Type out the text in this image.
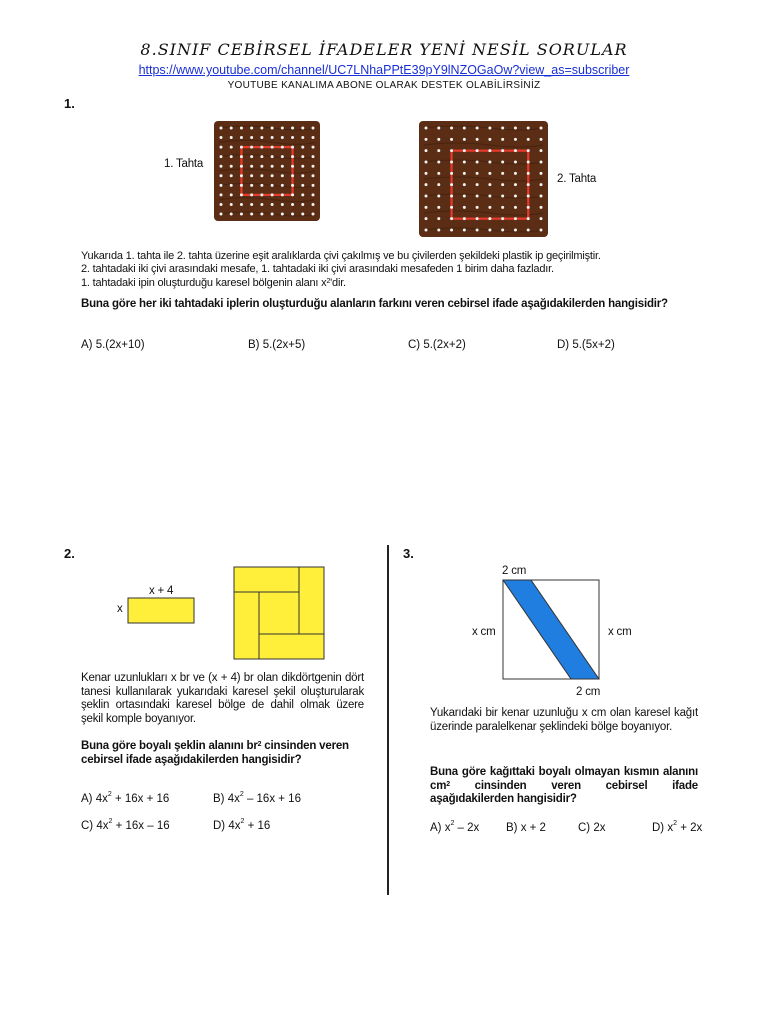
8.SINIF CEBİRSEL İFADELER YENİ NESİL SORULAR
https://www.youtube.com/channel/UC7LNhaPPtE39pY9lNZOGaOw?view_as=subscriber
YOUTUBE KANALIMA ABONE OLARAK DESTEK OLABİLİRSİNİZ
1.
1. Tahta
2. Tahta
Yukarıda 1. tahta ile 2. tahta üzerine eşit aralıklarda çivi çakılmış ve bu çivilerden şekildeki plastik ip geçirilmiştir.
2. tahtadaki iki çivi arasındaki mesafe, 1. tahtadaki iki çivi arasındaki mesafeden 1 birim daha fazladır.
1. tahtadaki ipin oluşturduğu karesel bölgenin alanı $x^2'dir$.
Buna göre her iki tahtadaki iplerin oluşturduğu alanların farkını veren cebirsel ifade aşağıdakilerden hangisidir?
A) 5.(2x+10)	B) 5.(2x+5)	C) 5.(2x+2)	D) 5.(5x+2)
2.
x + 4
x
Kenar uzunlukları x br ve (x + 4) br olan dikdörtgenin dört tanesi kullanılarak yukarıdaki karesel şekil oluşturularak şeklin ortasındaki karesel bölge de dahil olmak üzere şekil komple boyanıyor.
Buna göre boyalı şeklin alanını $br^2$ cinsinden veren cebirsel ifade aşağıdakilerden hangisidir?
A) $4x^2 + 16x + 16$	B) $4x^2 - 16x + 16$
C) $4x^2 + 16x - 16$	D) $4x^2 + 16$
3.
2 cm
x cm	x cm
2 cm
Yukarıdaki bir kenar uzunluğu x cm olan karesel kağıt üzerinde paralelkenar şeklindeki bölge boyanıyor.
Buna göre kağıttaki boyalı olmayan kısmın alanını $cm^2$ cinsinden veren cebirsel ifade aşağıdakilerden hangisidir?
A) $x^2 - 2x$ B) x + 2	C) 2x	D) $x^2 + 2x$
